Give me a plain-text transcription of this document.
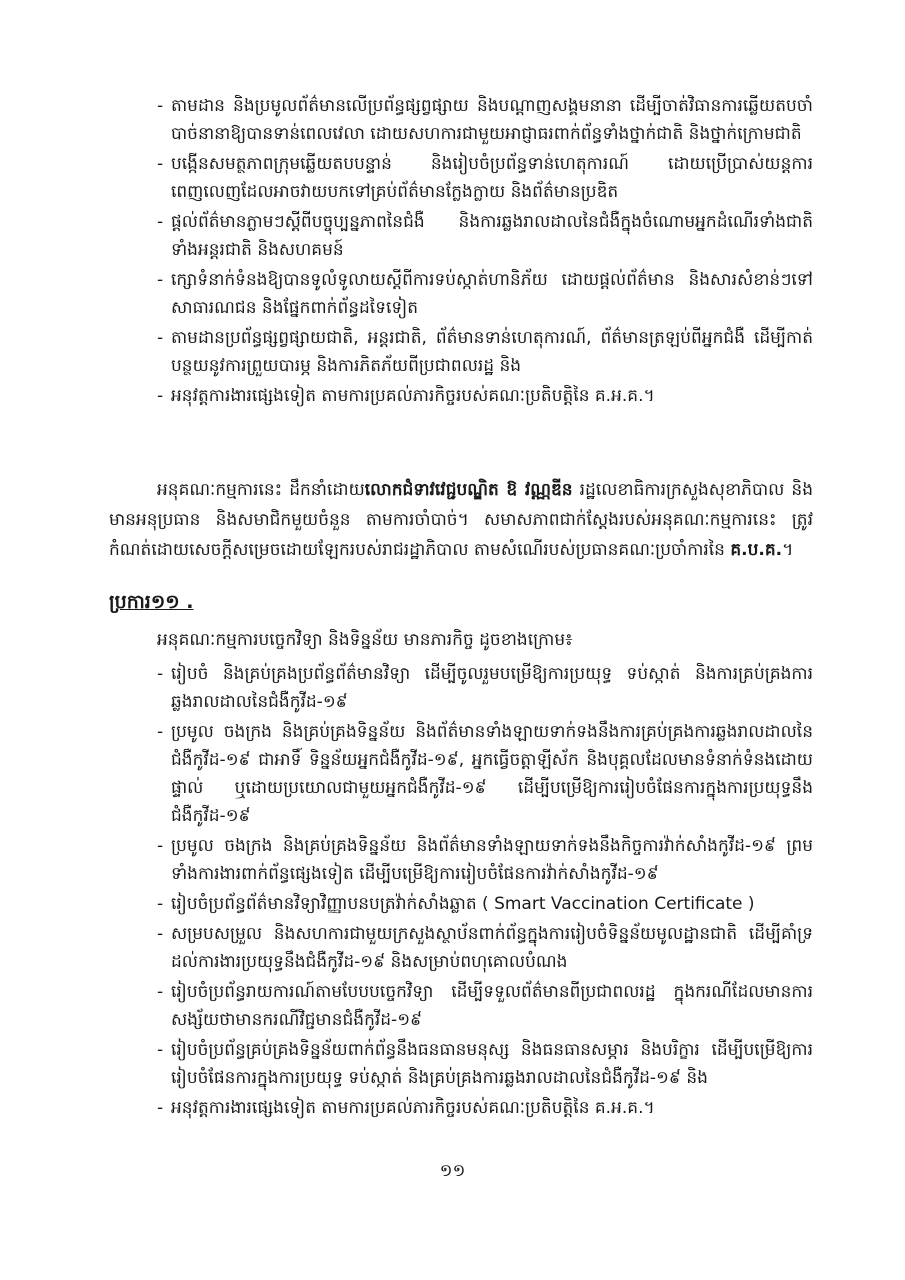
- តាមដាន និងប្រមូលព័ត៌មានលើប្រព័ន្ធផ្សព្វផ្សាយ និងបណ្ដាញសង្គមនានា ដើម្បីចាត់វិធានការឆ្លើយតបចាំបាច់នានាឱ្យបានទាន់ពេលវេលា ដោយសហការជាមួយអាជ្ញាធរពាក់ព័ន្ធទាំងថ្នាក់ជាតិ និងថ្នាក់ក្រោមជាតិ
- បង្កើនសមត្ថភាពក្រុមឆ្លើយតបបន្ទាន់ និងរៀបចំប្រព័ន្ធទាន់ហេតុការណ៍ ដោយប្រើប្រាស់យន្តការពេញលេញដែលអាចវាយបកទៅគ្រប់ព័ត៌មានក្លែងក្លាយ និងព័ត៌មានប្រឌិត
- ផ្ដល់ព័ត៌មានភ្លាមៗស្ដីពីបច្ចុប្បន្នភាពនៃជំងឺ និងការឆ្លងរាលដាលនៃជំងឺក្នុងចំណោមអ្នកដំណើរទាំងជាតិ ទាំងអន្តរជាតិ និងសហគមន៍
- ក្សោទំនាក់ទំនងឱ្យបានទូលំទូលាយស្ដីពីការទប់ស្កាត់ហានិភ័យ ដោយផ្ដល់ព័ត៌មាន និងសារសំខាន់ៗទៅសាធារណជន និងផ្នែកពាក់ព័ន្ធដទៃទៀត
- តាមដានប្រព័ន្ធផ្សព្វផ្សាយជាតិ, អន្តរជាតិ, ព័ត៌មានទាន់ហេតុការណ៍, ព័ត៌មានត្រឡប់ពីអ្នកជំងឺ ដើម្បីកាត់បន្ថយនូវការព្រួយបារម្ភ និងការភិតភ័យពីប្រជាពលរដ្ឋ និង
- អនុវត្តការងារផ្សេងទៀត តាមការប្រគល់ភារកិច្ចរបស់គណៈប្រតិបត្តិនៃ គ.អ.គ.។

អនុគណៈកម្មការនេះ ដឹកនាំដោយលោកជំទាវវេជ្ជបណ្ឌិត ឱ វណ្ណឌីន រដ្ឋលេខាធិការក្រសួងសុខាភិបាល និងមានអនុប្រធាន និងសមាជិកមួយចំនួន តាមការចាំបាច់។ សមាសភាពជាក់ស្ដែងរបស់អនុគណៈកម្មការនេះ ត្រូវកំណត់ដោយសេចក្ដីសម្រេចដោយឡែករបស់រាជរដ្ឋាភិបាល តាមសំណើរបស់ប្រធានគណៈប្រចាំការនៃ គ.ប.គ.។

ប្រការ១១ .

អនុគណៈកម្មការបច្ចេកវិទ្យា និងទិន្នន័យ មានភារកិច្ច ដូចខាងក្រោម៖

- រៀបចំ និងគ្រប់គ្រងប្រព័ន្ធព័ត៌មានវិទ្យា ដើម្បីចូលរួមបម្រើឱ្យការប្រយុទ្ធ ទប់ស្កាត់ និងការគ្រប់គ្រងការឆ្លងរាលដាលនៃជំងឺកូវីដ-១៩
- ប្រមូល ចងក្រង និងគ្រប់គ្រងទិន្នន័យ និងព័ត៌មានទាំងឡាយទាក់ទងនឹងការគ្រប់គ្រងការឆ្លងរាលដាលនៃជំងឺកូវីដ-១៩ ជាអាទិ៍ ទិន្នន័យអ្នកជំងឺកូវីដ-១៩, អ្នកធ្វើចត្តាឡីស័ក និងបុគ្គលដែលមានទំនាក់ទំនងដោយផ្ទាល់ ឬដោយប្រយោលជាមួយអ្នកជំងឺកូវីដ-១៩ ដើម្បីបម្រើឱ្យការរៀបចំផែនការក្នុងការប្រយុទ្ធនឹងជំងឺកូវីដ-១៩
- ប្រមូល ចងក្រង និងគ្រប់គ្រងទិន្នន័យ និងព័ត៌មានទាំងឡាយទាក់ទងនឹងកិច្ចការវ៉ាក់សាំងកូវីដ-១៩ ព្រមទាំងការងារពាក់ព័ន្ធផ្សេងទៀត ដើម្បីបម្រើឱ្យការរៀបចំផែនការវ៉ាក់សាំងកូវីដ-១៩
- រៀបចំប្រព័ន្ធព័ត៌មានវិទ្យាវិញ្ញាបនបត្រវ៉ាក់សាំងឆ្លាត ( Smart Vaccination Certificate )
- សម្របសម្រួល និងសហការជាមួយក្រសួងស្ថាប័នពាក់ព័ន្ធក្នុងការរៀបចំទិន្នន័យមូលដ្ឋានជាតិ ដើម្បីគាំទ្រដល់ការងារប្រយុទ្ធនឹងជំងឺកូវីដ-១៩ និងសម្រាប់ពហុគោលបំណង
- រៀបចំប្រព័ន្ធរាយការណ៍តាមបែបបច្ចេកវិទ្យា ដើម្បីទទួលព័ត៌មានពីប្រជាពលរដ្ឋ ក្នុងករណីដែលមានការសង្ស័យថាមានករណីវិជ្ជមានជំងឺកូវីដ-១៩
- រៀបចំប្រព័ន្ធគ្រប់គ្រងទិន្នន័យពាក់ព័ន្ធនឹងធនធានមនុស្ស និងធនធានសម្ភារ និងបរិក្ខារ ដើម្បីបម្រើឱ្យការរៀបចំផែនការក្នុងការប្រយុទ្ធ ទប់ស្កាត់ និងគ្រប់គ្រងការឆ្លងរាលដាលនៃជំងឺកូវីដ-១៩ និង
- អនុវត្តការងារផ្សេងទៀត តាមការប្រគល់ភារកិច្ចរបស់គណៈប្រតិបត្តិនៃ គ.អ.គ.។

១១
